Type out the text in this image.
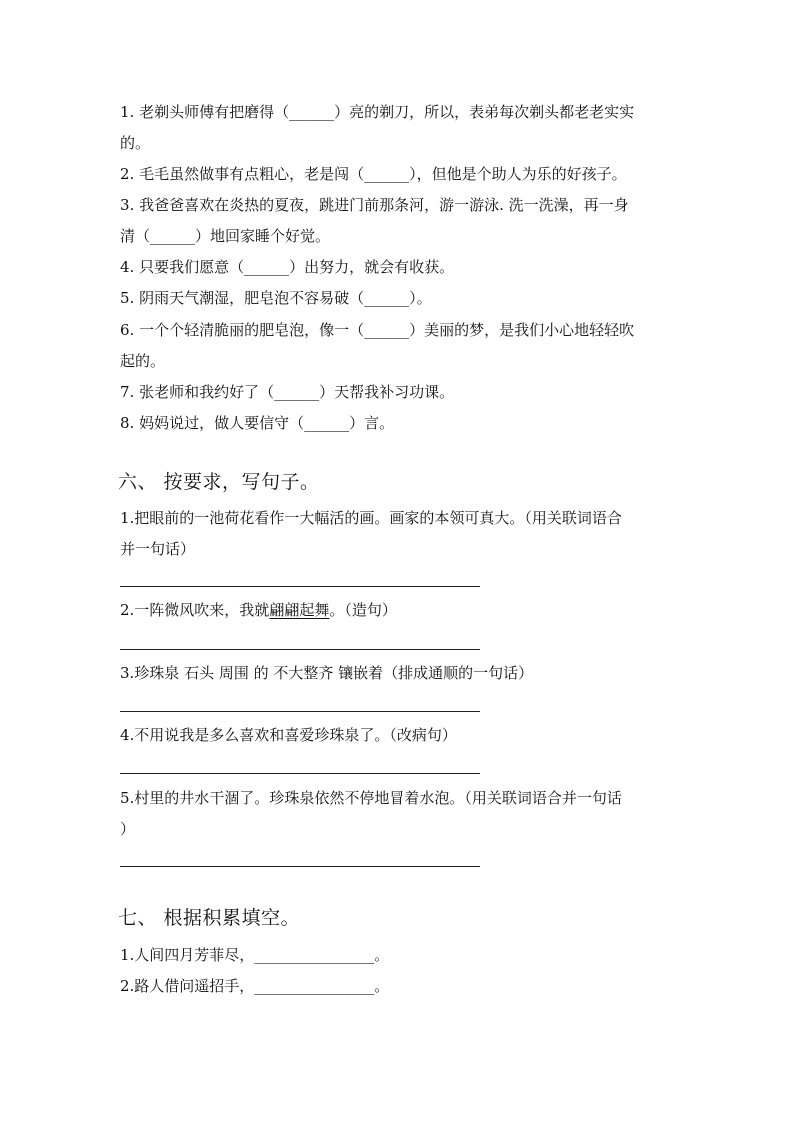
1. 老剃头师傅有把磨得（______）亮的剃刀，所以，表弟每次剃头都老老实实
的。
2. 毛毛虽然做事有点粗心，老是闯（______），但他是个助人为乐的好孩子。
3. 我爸爸喜欢在炎热的夏夜，跳进门前那条河，游一游泳. 洗一洗澡，再一身
清（______）地回家睡个好觉。
4. 只要我们愿意（______）出努力，就会有收获。
5. 阴雨天气潮湿，肥皂泡不容易破（______）。
6. 一个个轻清脆丽的肥皂泡，像一（______）美丽的梦，是我们小心地轻轻吹
起的。
7. 张老师和我约好了（______）天帮我补习功课。
8. 妈妈说过，做人要信守（______）言。
六、 按要求，写句子。
1.把眼前的一池荷花看作一大幅活的画。画家的本领可真大。（用关联词语合
并一句话）
2.一阵微风吹来，我就翩翩起舞。（造句）
3.珍珠泉 石头 周围 的 不大整齐 镶嵌着（排成通顺的一句话）
4.不用说我是多么喜欢和喜爱珍珠泉了。（改病句）
5.村里的井水干涸了。珍珠泉依然不停地冒着水泡。（用关联词语合并一句话
）
七、 根据积累填空。
1.人间四月芳菲尽，________________。
2.路人借问遥招手，________________。
